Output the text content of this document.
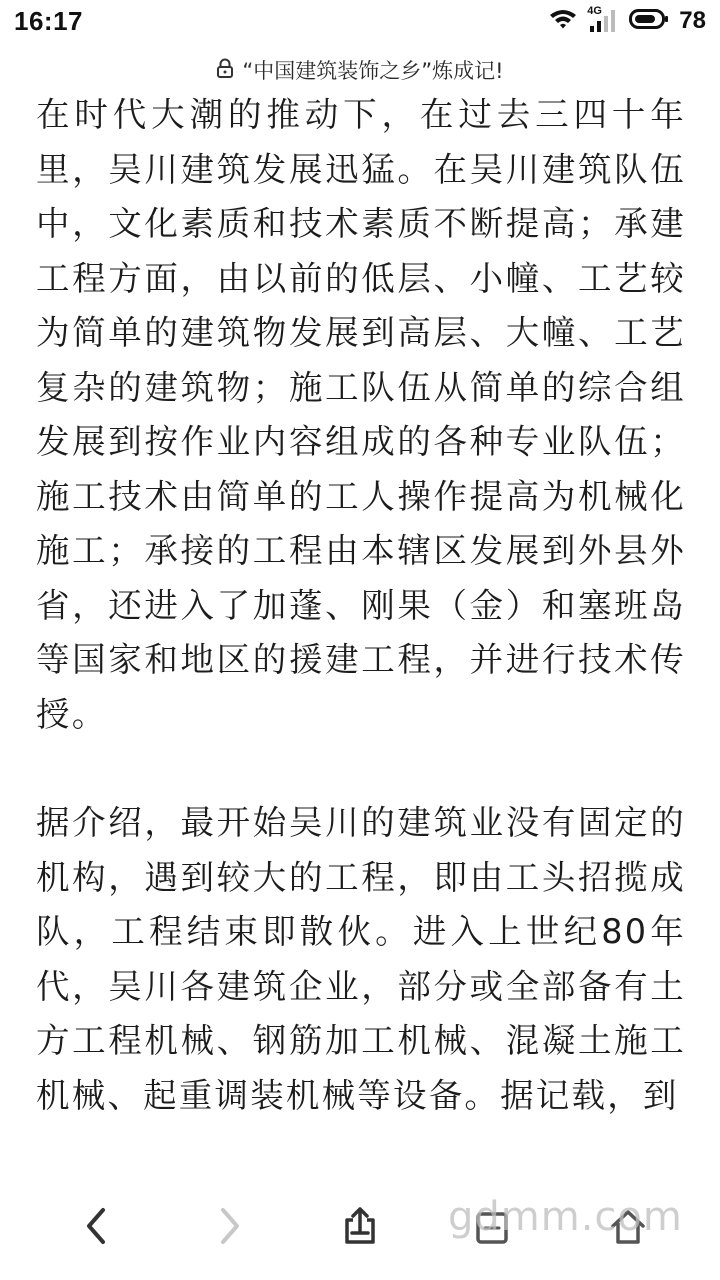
16:17	4G	78
“中国建筑装饰之乡”炼成记!

在时代大潮的推动下，在过去三四十年里，吴川建筑发展迅猛。在吴川建筑队伍中，文化素质和技术素质不断提高；承建工程方面，由以前的低层、小幢、工艺较为简单的建筑物发展到高层、大幢、工艺复杂的建筑物；施工队伍从简单的综合组发展到按作业内容组成的各种专业队伍；施工技术由简单的工人操作提高为机械化施工；承接的工程由本辖区发展到外县外省，还进入了加蓬、刚果（金）和塞班岛等国家和地区的援建工程，并进行技术传授。

据介绍，最开始吴川的建筑业没有固定的机构，遇到较大的工程，即由工头招揽成队，工程结束即散伙。进入上世纪80年代，吴川各建筑企业，部分或全部备有土方工程机械、钢筋加工机械、混凝土施工机械、起重调装机械等设备。据记载，到

gdmm.com
